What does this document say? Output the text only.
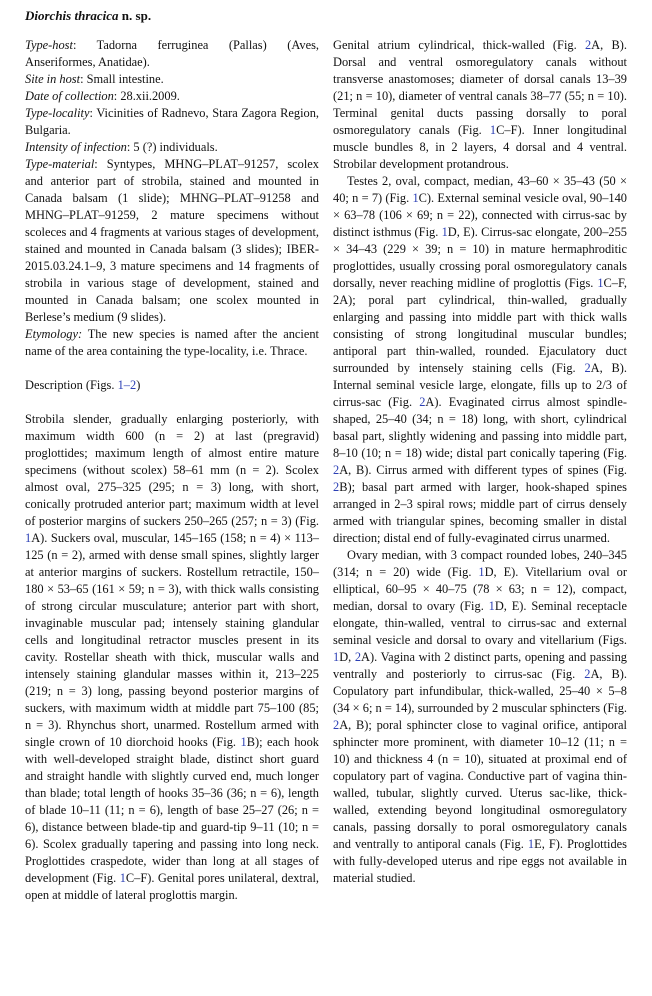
Diorchis thracica n. sp.

Type-host: Tadorna ferruginea (Pallas) (Aves, Anseriformes, Anatidae).

Site in host: Small intestine.

Date of collection: 28.xii.2009.

Type-locality: Vicinities of Radnevo, Stara Zagora Region, Bulgaria.

Intensity of infection: 5 (?) individuals.

Type-material: Syntypes, MHNG–PLAT–91257, scolex and anterior part of strobila, stained and mounted in Canada balsam (1 slide); MHNG–PLAT–91258 and MHNG–PLAT–91259, 2 mature specimens without scoleces and 4 fragments at various stages of development, stained and mounted in Canada balsam (3 slides); IBER-2015.03.24.1–9, 3 mature specimens and 14 fragments of strobila in various stage of development, stained and mounted in Canada balsam; one scolex mounted in Berlese’s medium (9 slides).

Etymology: The new species is named after the ancient name of the area containing the type-locality, i.e. Thrace.

Description (Figs. 1–2)

Strobila slender, gradually enlarging posteriorly, with maximum width 600 (n = 2) at last (pregravid) proglottides; maximum length of almost entire mature specimens (without scolex) 58–61 mm (n = 2). Scolex almost oval, 275–325 (295; n = 3) long, with short, conically protruded anterior part; maximum width at level of posterior margins of suckers 250–265 (257; n = 3) (Fig. 1A). Suckers oval, muscular, 145–165 (158; n = 4) × 113–125 (n = 2), armed with dense small spines, slightly larger at anterior margins of suckers. Rostellum retractile, 150–180 × 53–65 (161 × 59; n = 3), with thick walls consisting of strong circular musculature; anterior part with short, invaginable muscular pad; intensely staining glandular cells and longitudinal retractor muscles present in its cavity. Rostellar sheath with thick, muscular walls and intensely staining glandular masses within it, 213–225 (219; n = 3) long, passing beyond posterior margins of suckers, with maximum width at middle part 75–100 (85; n = 3). Rhynchus short, unarmed. Rostellum armed with single crown of 10 diorchoid hooks (Fig. 1B); each hook with well-developed straight blade, distinct short guard and straight handle with slightly curved end, much longer than blade; total length of hooks 35–36 (36; n = 6), length of blade 10–11 (11; n = 6), length of base 25–27 (26; n = 6), distance between blade-tip and guard-tip 9–11 (10; n = 6). Scolex gradually tapering and passing into long neck. Proglottides craspedote, wider than long at all stages of development (Fig. 1C–F). Genital pores unilateral, dextral, open at middle of lateral proglottis margin.

Genital atrium cylindrical, thick-walled (Fig. 2A, B). Dorsal and ventral osmoregulatory canals without transverse anastomoses; diameter of dorsal canals 13–39 (21; n = 10), diameter of ventral canals 38–77 (55; n = 10). Terminal genital ducts passing dorsally to poral osmoregulatory canals (Fig. 1C–F). Inner longitudinal muscle bundles 8, in 2 layers, 4 dorsal and 4 ventral. Strobilar development protandrous.

Testes 2, oval, compact, median, 43–60 × 35–43 (50 × 40; n = 7) (Fig. 1C). External seminal vesicle oval, 90–140 × 63–78 (106 × 69; n = 22), connected with cirrus-sac by distinct isthmus (Fig. 1D, E). Cirrus-sac elongate, 200–255 × 34–43 (229 × 39; n = 10) in mature hermaphroditic proglottides, usually crossing poral osmoregulatory canals dorsally, never reaching midline of proglottis (Figs. 1C–F, 2A); poral part cylindrical, thin-walled, gradually enlarging and passing into middle part with thick walls consisting of strong longitudinal muscular bundles; antiporal part thin-walled, rounded. Ejaculatory duct surrounded by intensely staining cells (Fig. 2A, B). Internal seminal vesicle large, elongate, fills up to 2/3 of cirrus-sac (Fig. 2A). Evaginated cirrus almost spindle-shaped, 25–40 (34; n = 18) long, with short, cylindrical basal part, slightly widening and passing into middle part, 8–10 (10; n = 18) wide; distal part conically tapering (Fig. 2A, B). Cirrus armed with different types of spines (Fig. 2B); basal part armed with larger, hook-shaped spines arranged in 2–3 spiral rows; middle part of cirrus densely armed with triangular spines, becoming smaller in distal direction; distal end of fully-evaginated cirrus unarmed.

Ovary median, with 3 compact rounded lobes, 240–345 (314; n = 20) wide (Fig. 1D, E). Vitellarium oval or elliptical, 60–95 × 40–75 (78 × 63; n = 12), compact, median, dorsal to ovary (Fig. 1D, E). Seminal receptacle elongate, thin-walled, ventral to cirrus-sac and external seminal vesicle and dorsal to ovary and vitellarium (Figs. 1D, 2A). Vagina with 2 distinct parts, opening and passing ventrally and posteriorly to cirrus-sac (Fig. 2A, B). Copulatory part infundibular, thick-walled, 25–40 × 5–8 (34 × 6; n = 14), surrounded by 2 muscular sphincters (Fig. 2A, B); poral sphincter close to vaginal orifice, antiporal sphincter more prominent, with diameter 10–12 (11; n = 10) and thickness 4 (n = 10), situated at proximal end of copulatory part of vagina. Conductive part of vagina thin-walled, tubular, slightly curved. Uterus sac-like, thick-walled, extending beyond longitudinal osmoregulatory canals, passing dorsally to poral osmoregulatory canals and ventrally to antiporal canals (Fig. 1E, F). Proglottides with fully-developed uterus and ripe eggs not available in material studied.
